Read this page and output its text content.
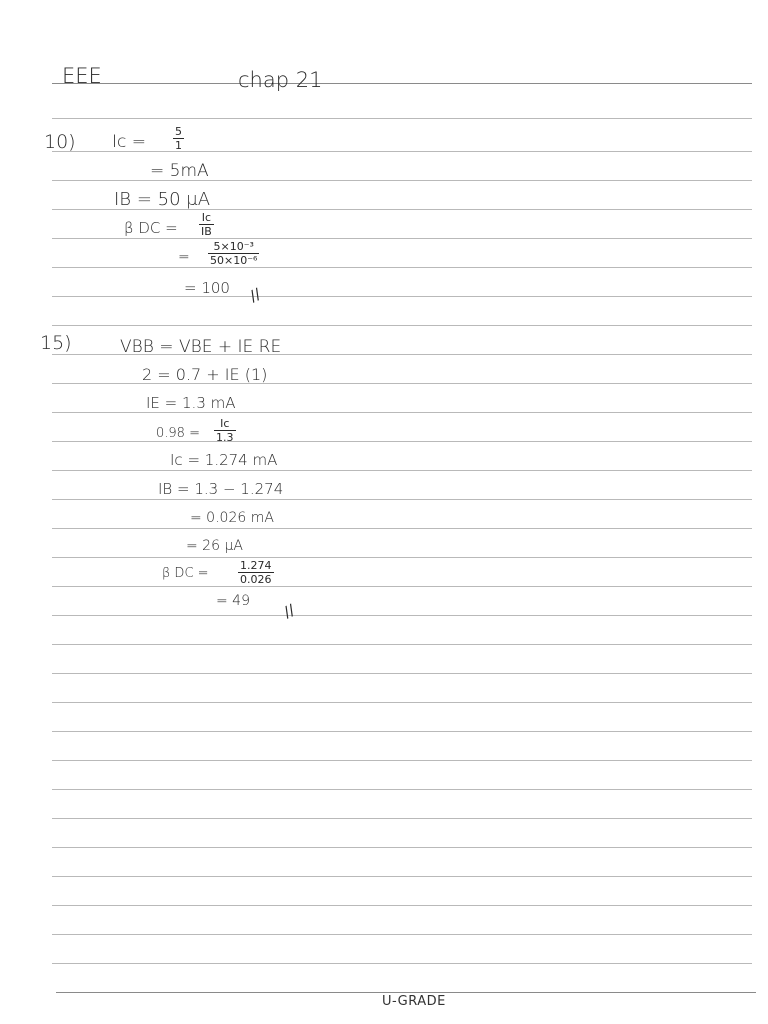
EEE	chap 21
10) Ic =
5
1
= 5mA
IB = 50 μA
β DC =
Ic
IB
=
5×10⁻³
50×10⁻⁶
= 100 //
15)	VBB = VBE + IE RE
2 = 0.7 + IE (1)
IE = 1.3 mA
0.98 =
Ic
1.3
Ic = 1.274 mA
IB = 1.3 − 1.274
= 0.026 mA
= 26 μA
β DC =
1.274
0.026
= 49 //
U-GRADE
